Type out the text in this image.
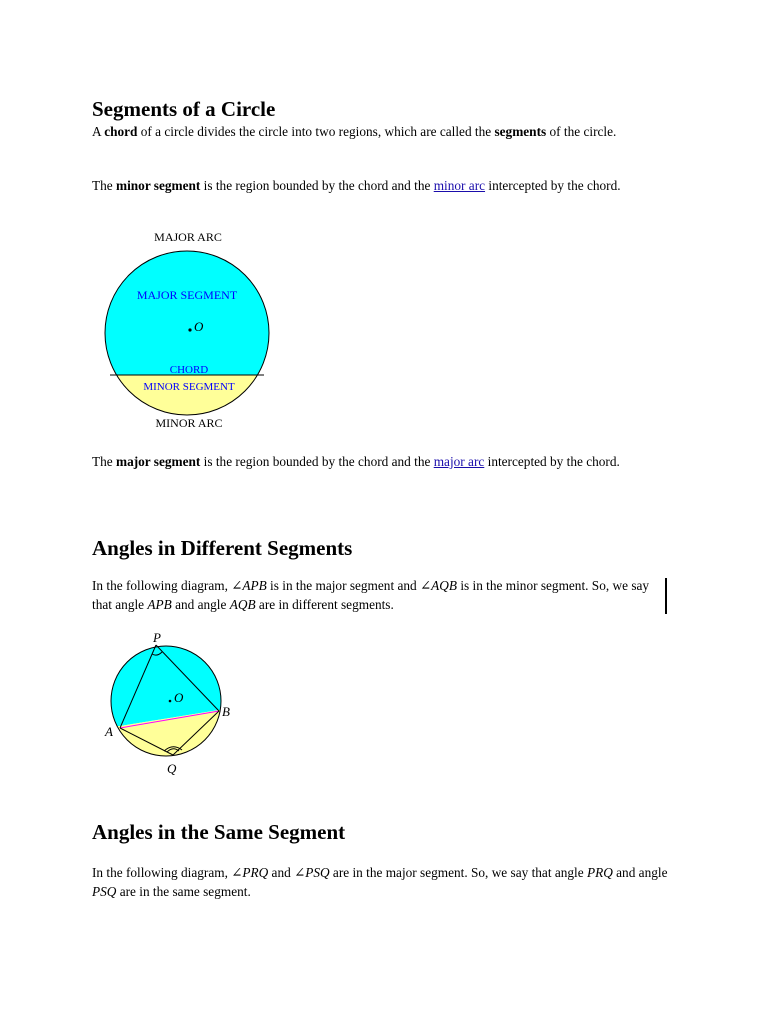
Segments of a Circle
A chord of a circle divides the circle into two regions, which are called the segments of the circle.
The minor segment is the region bounded by the chord and the minor arc intercepted by the chord.
MAJOR ARC
MAJOR SEGMENT
O
CHORD
MINOR SEGMENT
MINOR ARC
The major segment is the region bounded by the chord and the major arc intercepted by the chord.
Angles in Different Segments
In the following diagram, ∠APB is in the major segment and ∠AQB is in the minor segment. So, we say that angle APB and angle AQB are in different segments.
P
O
B
A
Q
Angles in the Same Segment
In the following diagram, ∠PRQ and ∠PSQ are in the major segment. So, we say that angle PRQ and angle PSQ are in the same segment.
